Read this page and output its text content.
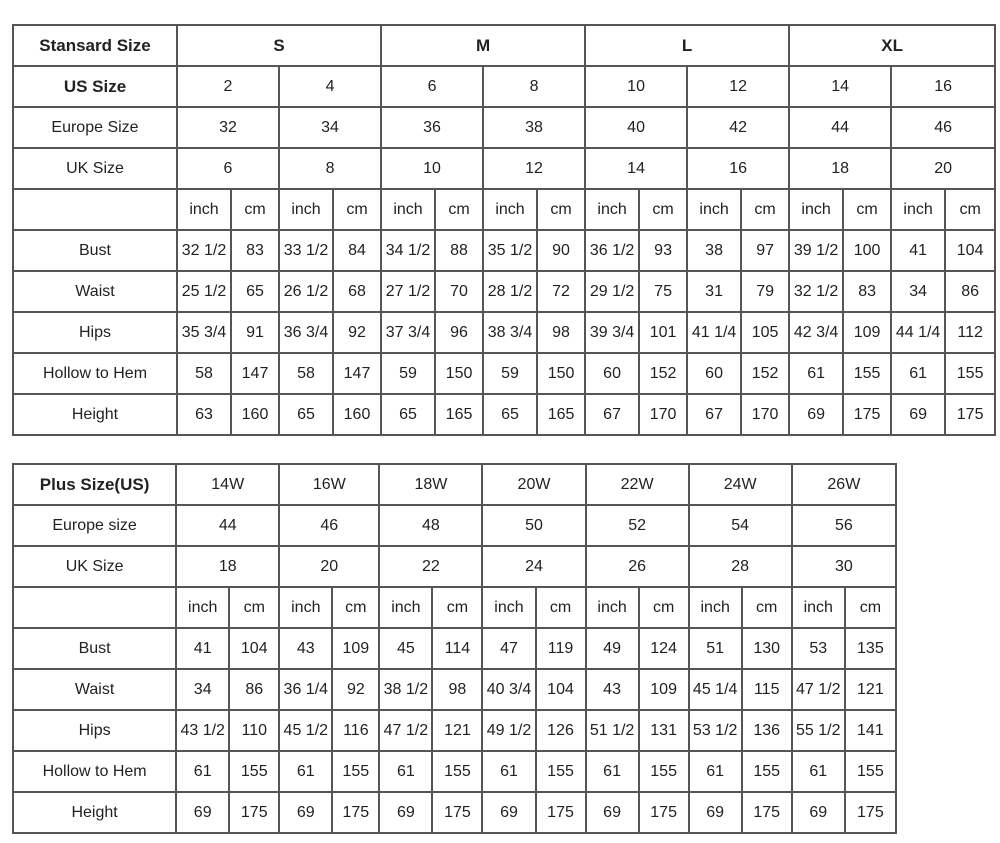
Stansard Size	S				M				L				XL			
US Size	2		4		6		8		10		12		14		16	
Europe Size	32		34		36		38		40		42		44		46	
UK Size	6		8		10		12		14		16		18		20	
	inch	cm	inch	cm	inch	cm	inch	cm	inch	cm	inch	cm	inch	cm	inch	cm
Bust	32 1/2	83	33 1/2	84	34 1/2	88	35 1/2	90	36 1/2	93	38	97	39 1/2	100	41	104
Waist	25 1/2	65	26 1/2	68	27 1/2	70	28 1/2	72	29 1/2	75	31	79	32 1/2	83	34	86
Hips	35 3/4	91	36 3/4	92	37 3/4	96	38 3/4	98	39 3/4	101	41 1/4	105	42 3/4	109	44 1/4	112
Hollow to Hem	58	147	58	147	59	150	59	150	60	152	60	152	61	155	61	155
Height	63	160	65	160	65	165	65	165	67	170	67	170	69	175	69	175
Plus Size(US)	14W		16W		18W		20W		22W		24W		26W	
Europe size	44		46		48		50		52		54		56	
UK Size	18		20		22		24		26		28		30	
	inch	cm	inch	cm	inch	cm	inch	cm	inch	cm	inch	cm	inch	cm
Bust	41	104	43	109	45	114	47	119	49	124	51	130	53	135
Waist	34	86	36 1/4	92	38 1/2	98	40 3/4	104	43	109	45 1/4	115	47 1/2	121
Hips	43 1/2	110	45 1/2	116	47 1/2	121	49 1/2	126	51 1/2	131	53 1/2	136	55 1/2	141
Hollow to Hem	61	155	61	155	61	155	61	155	61	155	61	155	61	155
Height	69	175	69	175	69	175	69	175	69	175	69	175	69	175
